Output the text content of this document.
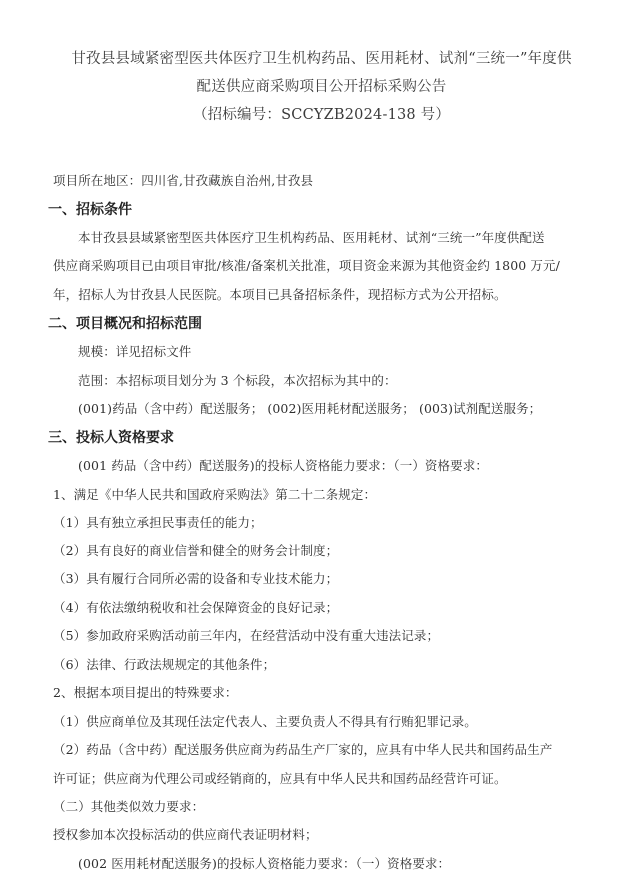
甘孜县县域紧密型医共体医疗卫生机构药品、医用耗材、试剂“三统一”年度供
配送供应商采购项目公开招标采购公告
（招标编号：SCCYZB2024-138 号）
项目所在地区：四川省,甘孜藏族自治州,甘孜县
一、招标条件
本甘孜县县域紧密型医共体医疗卫生机构药品、医用耗材、试剂“三统一”年度供配送
供应商采购项目已由项目审批/核准/备案机关批准，项目资金来源为其他资金约 1800 万元/
年，招标人为甘孜县人民医院。本项目已具备招标条件，现招标方式为公开招标。
二、项目概况和招标范围
规模：详见招标文件
范围：本招标项目划分为 3 个标段，本次招标为其中的：
(001)药品（含中药）配送服务； (002)医用耗材配送服务； (003)试剂配送服务；
三、投标人资格要求
(001 药品（含中药）配送服务)的投标人资格能力要求：（一）资格要求：
1、满足《中华人民共和国政府采购法》第二十二条规定：
（1）具有独立承担民事责任的能力；
（2）具有良好的商业信誉和健全的财务会计制度；
（3）具有履行合同所必需的设备和专业技术能力；
（4）有依法缴纳税收和社会保障资金的良好记录；
（5）参加政府采购活动前三年内，在经营活动中没有重大违法记录；
（6）法律、行政法规规定的其他条件；
2、根据本项目提出的特殊要求：
（1）供应商单位及其现任法定代表人、主要负责人不得具有行贿犯罪记录。
（2）药品（含中药）配送服务供应商为药品生产厂家的，应具有中华人民共和国药品生产
许可证；供应商为代理公司或经销商的，应具有中华人民共和国药品经营许可证。
（二）其他类似效力要求：
授权参加本次投标活动的供应商代表证明材料；
(002 医用耗材配送服务)的投标人资格能力要求：（一）资格要求：
